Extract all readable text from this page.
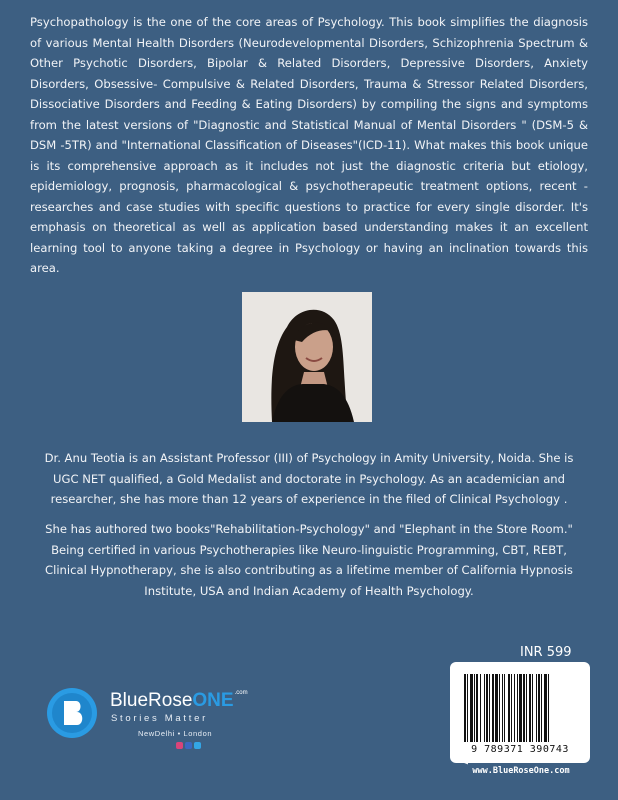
Psychopathology is the one of the core areas of Psychology. This book simplifies the diagnosis of various Mental Health Disorders (Neurodevelopmental Disorders, Schizophrenia Spectrum & Other Psychotic Disorders, Bipolar & Related Disorders, Depressive Disorders, Anxiety Disorders, Obsessive- Compulsive & Related Disorders, Trauma & Stressor Related Disorders, Dissociative Disorders and Feeding & Eating Disorders) by compiling the signs and symptoms from the latest versions of "Diagnostic and Statistical Manual of Mental Disorders " (DSM-5 & DSM -5TR) and "International Classification of Diseases"(ICD-11). What makes this book unique is its comprehensive approach as it includes not just the diagnostic criteria but etiology, epidemiology, prognosis, pharmacological & psychotherapeutic treatment options, recent -researches and case studies with specific questions to practice for every single disorder. It's emphasis on theoretical as well as application based understanding makes it an excellent learning tool to anyone taking a degree in Psychology or having an inclination towards this area.

Dr. Anu Teotia is an Assistant Professor (III) of Psychology in Amity University, Noida. She is UGC NET qualified, a Gold Medalist and doctorate in Psychology. As an academician and researcher, she has more than 12 years of experience in the filed of Clinical Psychology .

She has authored two books"Rehabilitation-Psychology" and "Elephant in the Store Room." Being certified in various Psychotherapies like Neuro-linguistic Programming, CBT, REBT, Clinical Hypnotherapy, she is also contributing as a lifetime member of California Hypnosis Institute, USA and Indian Academy of Health Psychology.

INR 599
9 789371 390743
www.BlueRoseOne.com
BlueRoseONE$^{.com}$
Stories Matter
NewDelhi • London
